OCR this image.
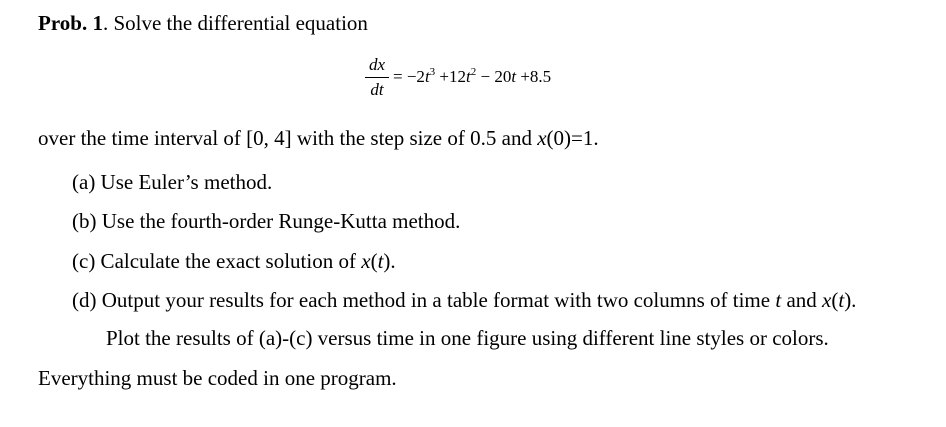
Prob. 1. Solve the differential equation
dx
dt
= $-2t^3 +12t^2 - 20t +8.5$
over the time interval of [0, 4] with the step size of 0.5 and x(0)=1.
(a) Use Euler’s method.
(b) Use the fourth-order Runge-Kutta method.
(c) Calculate the exact solution of x(t).
(d) Output your results for each method in a table format with two columns of time t and x(t).
Plot the results of (a)-(c) versus time in one figure using different line styles or colors.
Everything must be coded in one program.
